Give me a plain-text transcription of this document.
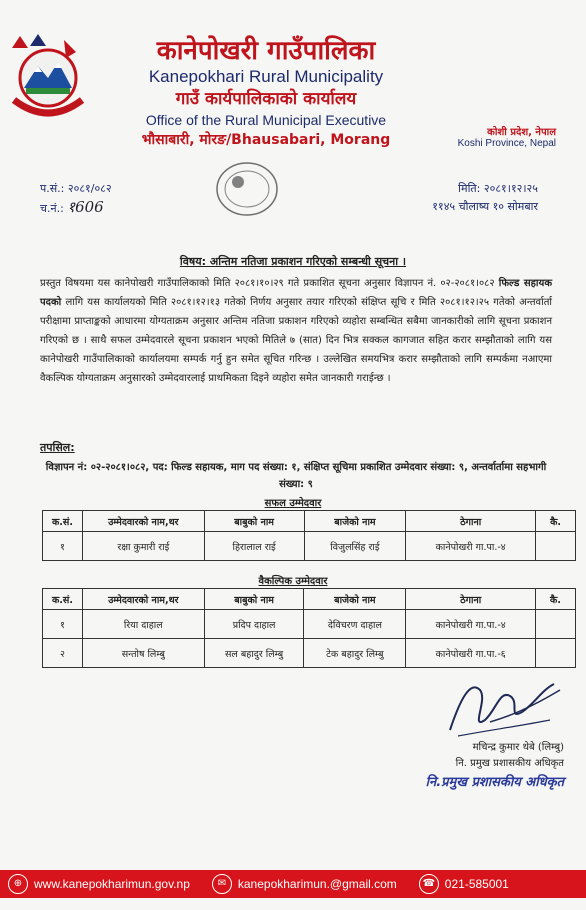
कानेपोखरी गाउँपालिका
Kanepokhari Rural Municipality
गाउँ कार्यपालिकाको कार्यालय
Office of the Rural Municipal Executive
भौसाबारी, मोरङ/Bhausabari, Morang	कोशी प्रदेश, नेपाल
Koshi Province, Nepal
प.सं.: २०८१/०८२
च.नं.: १606
मिति: २०८१।१२।२५
११४५ चौलाष्य १० सोमबार
विषय: अन्तिम नतिजा प्रकाशन गरिएको सम्बन्धी सूचना ।
प्रस्तुत विषयमा यस कानेपोखरी गाउँपालिकाको मिति २०८१।१०।२९ गते प्रकाशित सूचना अनुसार विज्ञापन नं. ०२-२०८१।०८२ फिल्ड सहायक पदको लागि यस कार्यालयको मिति २०८१।१२।१३ गतेको निर्णय अनुसार तयार गरिएको संक्षिप्त सूचि र मिति २०८१।१२।२५ गतेको अन्तर्वार्ता परीक्षामा प्राप्ताङ्कको आधारमा योग्यताक्रम अनुसार अन्तिम नतिजा प्रकाशन गरिएको व्यहोरा सम्बन्धित सबैमा जानकारीको लागि सूचना प्रकाशन गरिएको छ । साथै सफल उम्मेदवारले सूचना प्रकाशन भएको मितिले ७ (सात) दिन भित्र सक्कल कागजात सहित करार सम्झौताको लागि यस कानेपोखरी गाउँपालिकाको कार्यालयमा सम्पर्क गर्नु हुन समेत सूचित गरिन्छ । उल्लेखित समयभित्र करार सम्झौताको लागि सम्पर्कमा नआएमा वैकल्पिक योग्यताक्रम अनुसारको उम्मेदवारलाई प्राथमिकता दिइने व्यहोरा समेत जानकारी गराईन्छ ।
तपसिल:
विज्ञापन नं: ०२-२०८१।०८२, पद: फिल्ड सहायक, माग पद संख्या: १, संक्षिप्त सूचिमा प्रकाशित उम्मेदवार संख्या: ९, अन्तर्वार्तामा सहभागी संख्या: ९
सफल उम्मेदवार
क.सं.	उम्मेदवारको नाम,थर	बाबुको नाम	बाजेको नाम	ठेगाना	कै.
१	रक्षा कुमारी राई	हिरालाल राई	विजुलसिंह राई	कानेपोखरी गा.पा.-४	
वैकल्पिक उम्मेदवार
क.सं.	उम्मेदवारको नाम,थर	बाबुको नाम	बाजेको नाम	ठेगाना	कै.
१	रिया दाहाल	प्रदिप दाहाल	देविचरण दाहाल	कानेपोखरी गा.पा.-४	
२	सन्तोष लिम्बु	सल बहादुर लिम्बु	टेक बहादुर लिम्बु	कानेपोखरी गा.पा.-६	
मचिन्द्र कुमार थेबे (लिम्बु)
नि. प्रमुख प्रशासकीय अधिकृत
नि.प्रमुख प्रशासकीय अधिकृत
⊕ www.kanepokharimun.gov.np	✉ kanepokharimun.@gmail.com	☎ 021-585001
